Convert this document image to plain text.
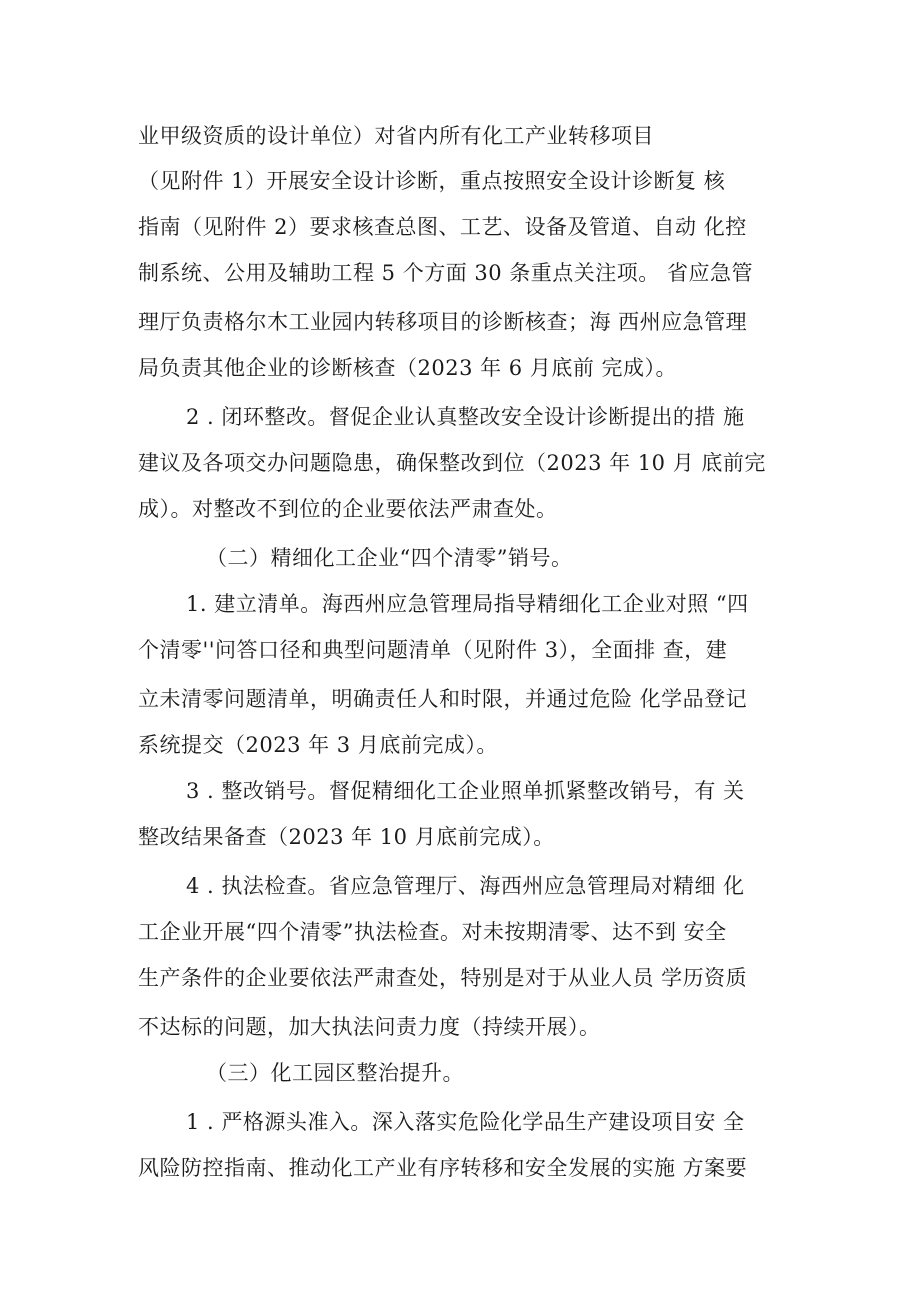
业甲级资质的设计单位）对省内所有化工产业转移项目

（见附件 1）开展安全设计诊断，重点按照安全设计诊断复 核

指南（见附件 2）要求核查总图、工艺、设备及管道、自动 化控

制系统、公用及辅助工程 5 个方面 30 条重点关注项。 省应急管

理厅负责格尔木工业园内转移项目的诊断核查；海 西州应急管理

局负责其他企业的诊断核查（2023 年 6 月底前 完成）。

2 . 闭环整改。督促企业认真整改安全设计诊断提出的措 施

建议及各项交办问题隐患，确保整改到位（2023 年 10 月 底前完

成）。对整改不到位的企业要依法严肃查处。

（二）精细化工企业“四个清零”销号。

1. 建立清单。海西州应急管理局指导精细化工企业对照 “四

个清零''问答口径和典型问题清单（见附件 3），全面排 查，建

立未清零问题清单，明确责任人和时限，并通过危险 化学品登记

系统提交（2023 年 3 月底前完成）。

3 . 整改销号。督促精细化工企业照单抓紧整改销号，有 关

整改结果备查（2023 年 10 月底前完成）。

4 . 执法检查。省应急管理厅、海西州应急管理局对精细 化

工企业开展“四个清零”执法检查。对未按期清零、达不到 安全

生产条件的企业要依法严肃查处，特别是对于从业人员 学历资质

不达标的问题，加大执法问责力度（持续开展）。

（三）化工园区整治提升。

1 . 严格源头准入。深入落实危险化学品生产建设项目安 全

风险防控指南、推动化工产业有序转移和安全发展的实施 方案要
